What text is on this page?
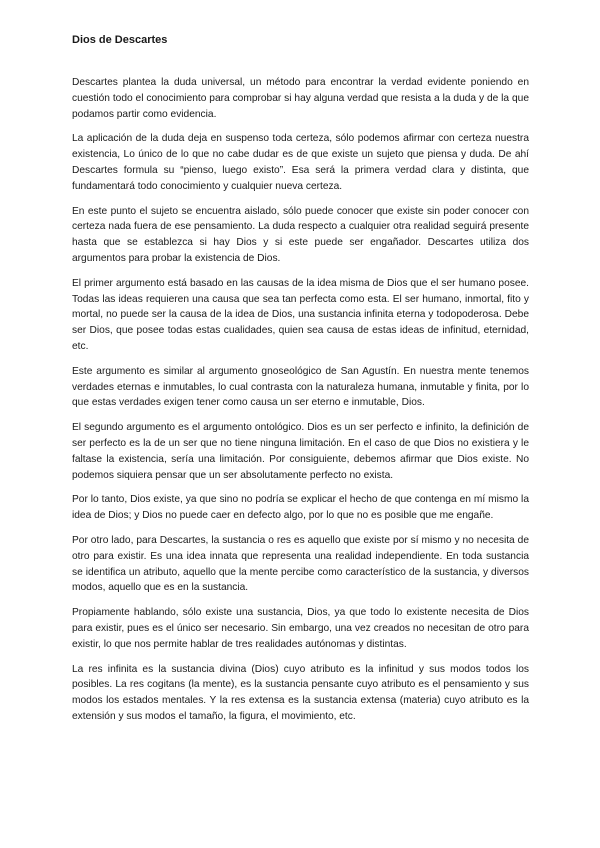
Dios de Descartes

Descartes plantea la duda universal, un método para encontrar la verdad evidente poniendo en cuestión todo el conocimiento para comprobar si hay alguna verdad que resista a la duda y de la que podamos partir como evidencia.

La aplicación de la duda deja en suspenso toda certeza, sólo podemos afirmar con certeza nuestra existencia, Lo único de lo que no cabe dudar es de que existe un sujeto que piensa y duda. De ahí Descartes formula su “pienso, luego existo”. Esa será la primera verdad clara y distinta, que fundamentará todo conocimiento y cualquier nueva certeza.

En este punto el sujeto se encuentra aislado, sólo puede conocer que existe sin poder conocer con certeza nada fuera de ese pensamiento. La duda respecto a cualquier otra realidad seguirá presente hasta que se establezca si hay Dios y si este puede ser engañador. Descartes utiliza dos argumentos para probar la existencia de Dios.

El primer argumento está basado en las causas de la idea misma de Dios que el ser humano posee. Todas las ideas requieren una causa que sea tan perfecta como esta. El ser humano, inmortal, fito y mortal, no puede ser la causa de la idea de Dios, una sustancia infinita eterna y todopoderosa. Debe ser Dios, que posee todas estas cualidades, quien sea causa de estas ideas de infinitud, eternidad, etc.

Este argumento es similar al argumento gnoseológico de San Agustín. En nuestra mente tenemos verdades eternas e inmutables, lo cual contrasta con la naturaleza humana, inmutable y finita, por lo que estas verdades exigen tener como causa un ser eterno e inmutable, Dios.

El segundo argumento es el argumento ontológico. Dios es un ser perfecto e infinito, la definición de ser perfecto es la de un ser que no tiene ninguna limitación. En el caso de que Dios no existiera y le faltase la existencia, sería una limitación. Por consiguiente, debemos afirmar que Dios existe. No podemos siquiera pensar que un ser absolutamente perfecto no exista.

Por lo tanto, Dios existe, ya que sino no podría se explicar el hecho de que contenga en mí mismo la idea de Dios; y Dios no puede caer en defecto algo, por lo que no es posible que me engañe.

Por otro lado, para Descartes, la sustancia o res es aquello que existe por sí mismo y no necesita de otro para existir. Es una idea innata que representa una realidad independiente. En toda sustancia se identifica un atributo, aquello que la mente percibe como característico de la sustancia, y diversos modos, aquello que es en la sustancia.

Propiamente hablando, sólo existe una sustancia, Dios, ya que todo lo existente necesita de Dios para existir, pues es el único ser necesario. Sin embargo, una vez creados no necesitan de otro para existir, lo que nos permite hablar de tres realidades autónomas y distintas.

La res infinita es la sustancia divina (Dios) cuyo atributo es la infinitud y sus modos todos los posibles. La res cogitans (la mente), es la sustancia pensante cuyo atributo es el pensamiento y sus modos los estados mentales. Y la res extensa es la sustancia extensa (materia) cuyo atributo es la extensión y sus modos el tamaño, la figura, el movimiento, etc.
